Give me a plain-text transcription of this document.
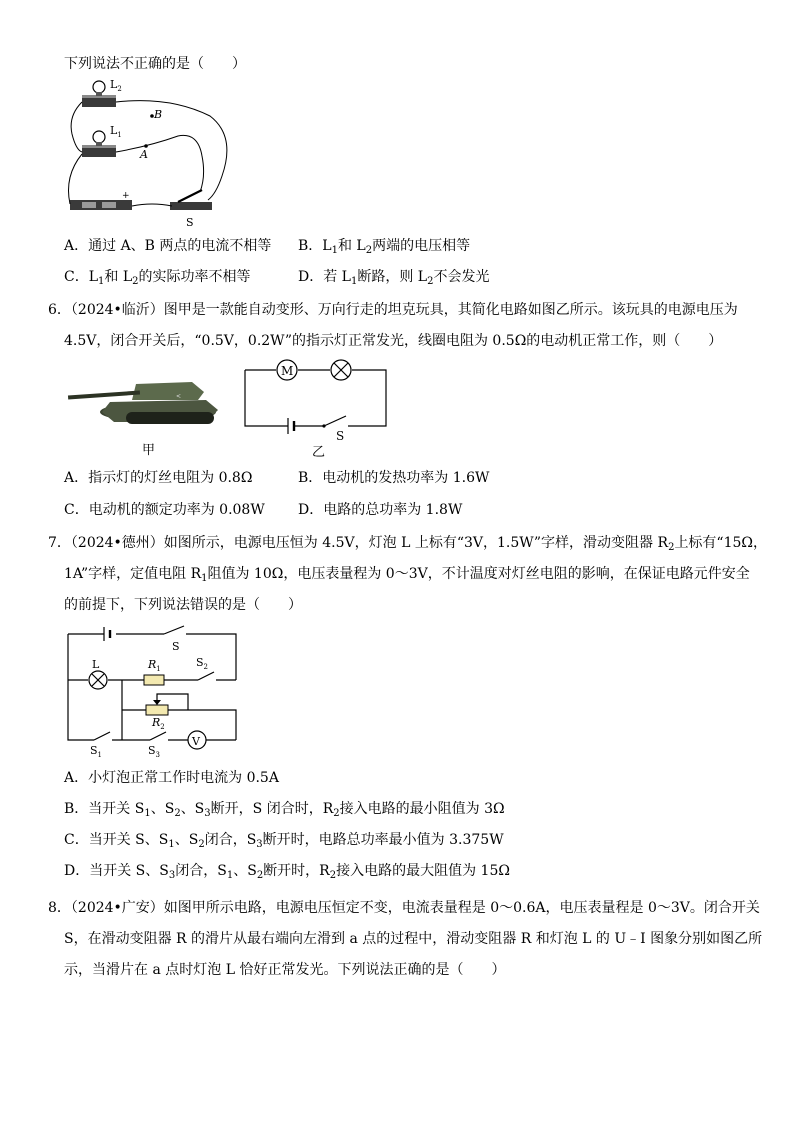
下列说法不正确的是（　　）
$L_2$
$L_1$
+
S
B
A
A．通过 A、B 两点的电流不相等 B．$L_1$和 $L_2$两端的电压相等
C．$L_1$和 $L_2$的实际功率不相等	D．若 $L_1$断路，则 $L_2$不会发光
6．（2024•临沂）图甲是一款能自动变形、万向行走的坦克玩具，其简化电路如图乙所示。该玩具的电源电压为
4.5V，闭合开关后，“0.5V，0.2W”的指示灯正常发光，线圈电阻为 0.5Ω的电动机正常工作，则（　　）
<
甲
M
S
乙
A．指示灯的灯丝电阻为 0.8Ω	B．电动机的发热功率为 1.6W
C．电动机的额定功率为 0.08W D．电路的总功率为 1.8W
7．（2024•德州）如图所示，电源电压恒为 4.5V，灯泡 L 上标有“3V，1.5W”字样，滑动变阻器 $R_2$上标有“15Ω，
1A”字样，定值电阻 $R_1$阻值为 10Ω，电压表量程为 0～3V，不计温度对灯丝电阻的影响，在保证电路元件安全
的前提下，下列说法错误的是（　　）
S
L	$R_1$	$S_2$
$R_2$
$S_1$	$S_3$
V
A．小灯泡正常工作时电流为 0.5A
B．当开关 $S_1$、$S_2$、$S_3$断开，S 闭合时，$R_2$接入电路的最小阻值为 3Ω
C．当开关 S、$S_1$、$S_2$闭合，$S_3$断开时，电路总功率最小值为 3.375W
D．当开关 S、$S_3$闭合，$S_1$、$S_2$断开时，$R_2$接入电路的最大阻值为 15Ω
8．（2024•广安）如图甲所示电路，电源电压恒定不变，电流表量程是 0～0.6A，电压表量程是 0～3V。闭合开关
S，在滑动变阻器 R 的滑片从最右端向左滑到 a 点的过程中，滑动变阻器 R 和灯泡 L 的 U﹣I 图象分别如图乙所
示，当滑片在 a 点时灯泡 L 恰好正常发光。下列说法正确的是（　　）
